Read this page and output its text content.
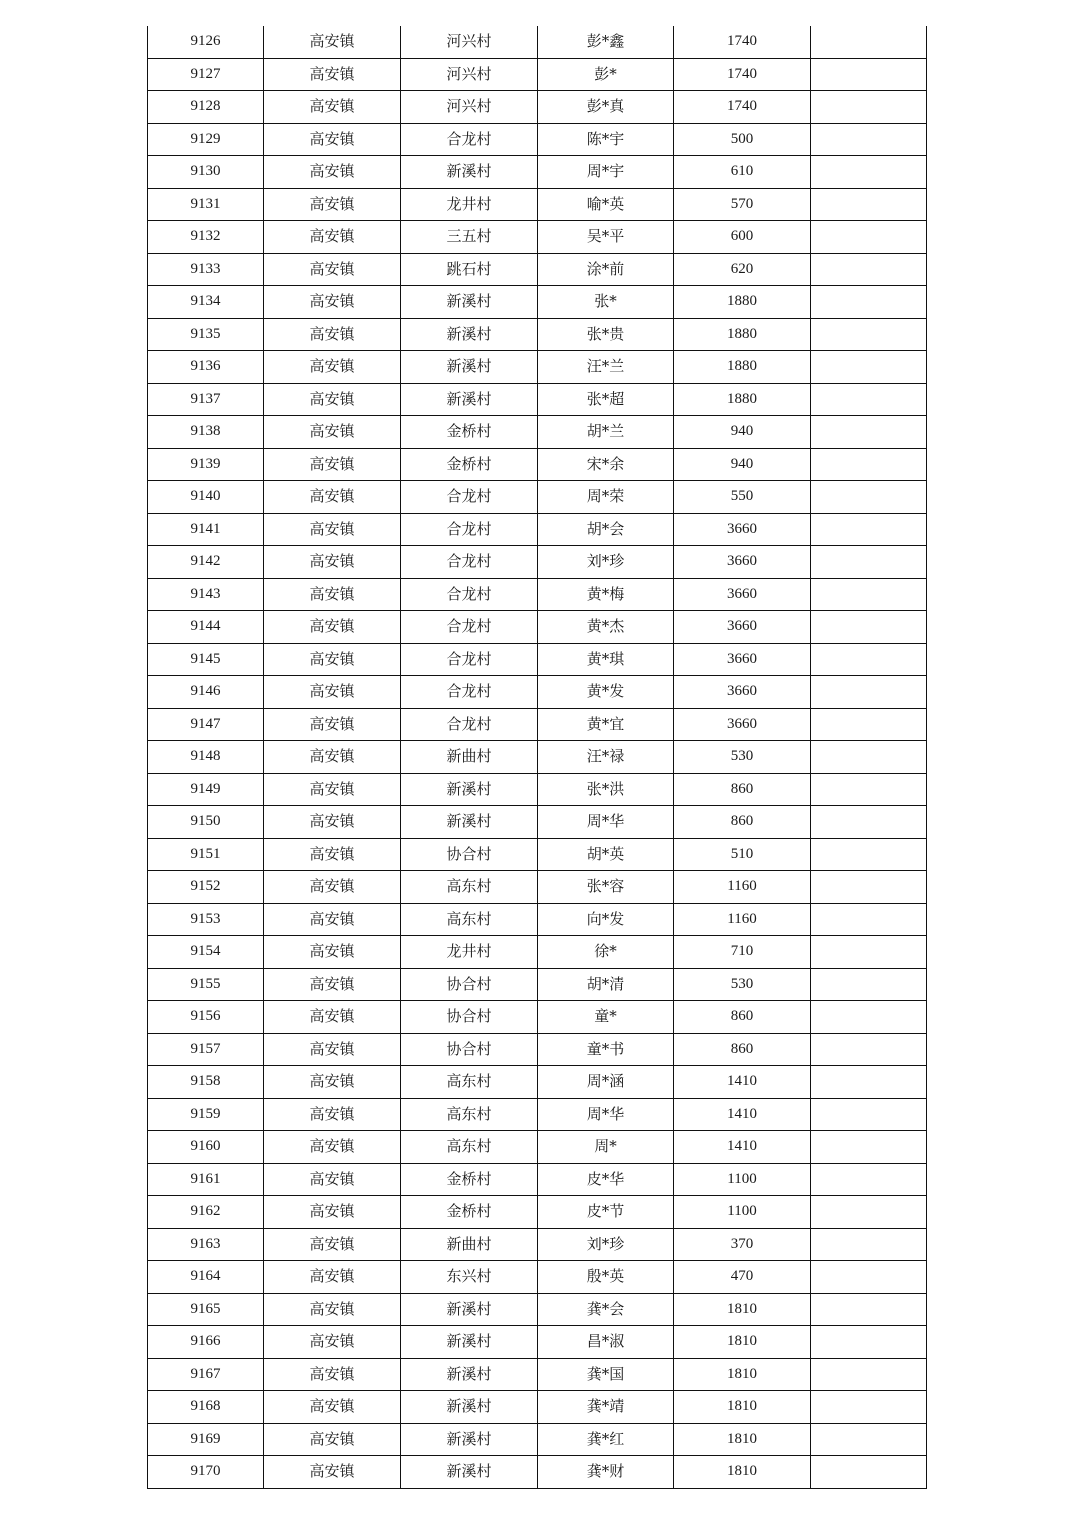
9126	高安镇	河兴村	彭*鑫	1740	
9127	高安镇	河兴村	彭*	1740	
9128	高安镇	河兴村	彭*真	1740	
9129	高安镇	合龙村	陈*宇	500	
9130	高安镇	新溪村	周*宇	610	
9131	高安镇	龙井村	喻*英	570	
9132	高安镇	三五村	吴*平	600	
9133	高安镇	跳石村	涂*前	620	
9134	高安镇	新溪村	张*	1880	
9135	高安镇	新溪村	张*贵	1880	
9136	高安镇	新溪村	汪*兰	1880	
9137	高安镇	新溪村	张*超	1880	
9138	高安镇	金桥村	胡*兰	940	
9139	高安镇	金桥村	宋*余	940	
9140	高安镇	合龙村	周*荣	550	
9141	高安镇	合龙村	胡*会	3660	
9142	高安镇	合龙村	刘*珍	3660	
9143	高安镇	合龙村	黄*梅	3660	
9144	高安镇	合龙村	黄*杰	3660	
9145	高安镇	合龙村	黄*琪	3660	
9146	高安镇	合龙村	黄*发	3660	
9147	高安镇	合龙村	黄*宜	3660	
9148	高安镇	新曲村	汪*禄	530	
9149	高安镇	新溪村	张*洪	860	
9150	高安镇	新溪村	周*华	860	
9151	高安镇	协合村	胡*英	510	
9152	高安镇	高东村	张*容	1160	
9153	高安镇	高东村	向*发	1160	
9154	高安镇	龙井村	徐*	710	
9155	高安镇	协合村	胡*清	530	
9156	高安镇	协合村	童*	860	
9157	高安镇	协合村	童*书	860	
9158	高安镇	高东村	周*涵	1410	
9159	高安镇	高东村	周*华	1410	
9160	高安镇	高东村	周*	1410	
9161	高安镇	金桥村	皮*华	1100	
9162	高安镇	金桥村	皮*节	1100	
9163	高安镇	新曲村	刘*珍	370	
9164	高安镇	东兴村	殷*英	470	
9165	高安镇	新溪村	龚*会	1810	
9166	高安镇	新溪村	昌*淑	1810	
9167	高安镇	新溪村	龚*国	1810	
9168	高安镇	新溪村	龚*靖	1810	
9169	高安镇	新溪村	龚*红	1810	
9170	高安镇	新溪村	龚*财	1810	
